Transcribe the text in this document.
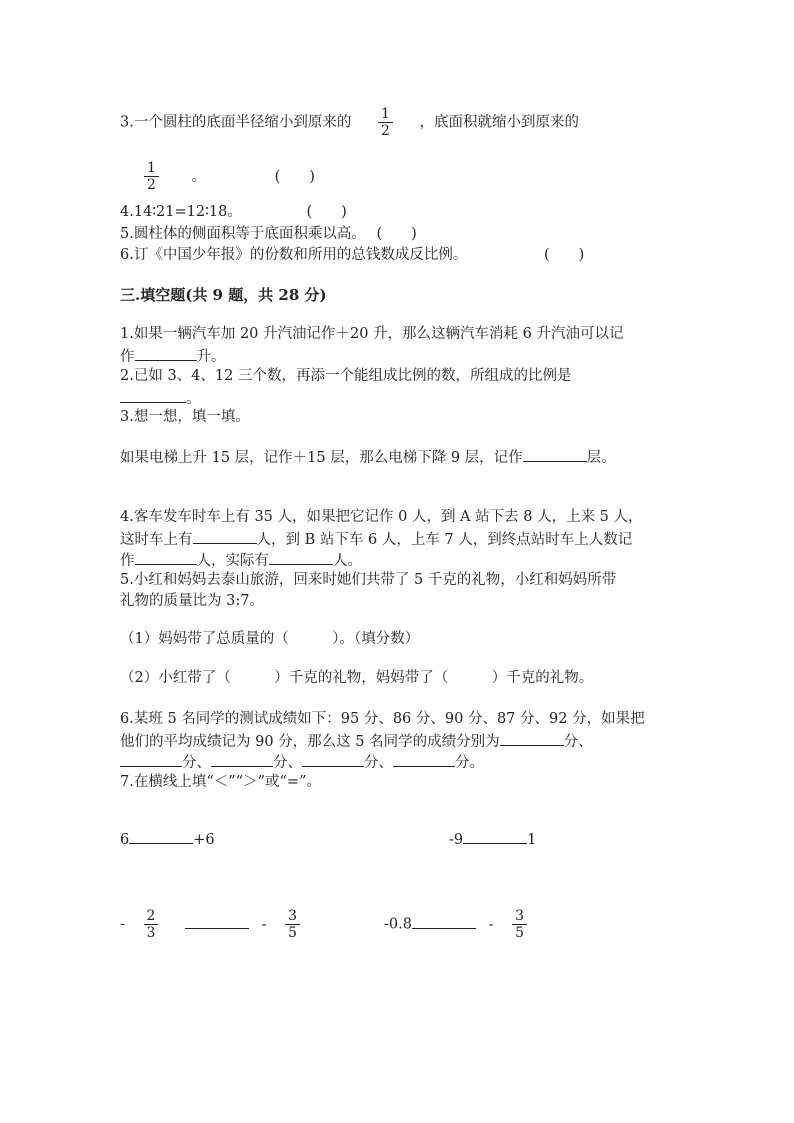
3.一个圆柱的底面半径缩小到原来的 $\frac{1}{2}$ ，底面积就缩小到原来的
$\frac{1}{2}$ 。	(　　)
4.14∶21=12∶18。	(　　)
5.圆柱体的侧面积等于底面积乘以高。 (　　)
6.订《中国少年报》的份数和所用的总钱数成反比例。	(　　)
三.填空题(共 9 题，共 28 分)
1.如果一辆汽车加 20 升汽油记作＋20 升，那么这辆汽车消耗 6 升汽油可以记
作	升。
2.已如 3、4、12 三个数，再添一个能组成比例的数，所组成的比例是
。
3.想一想，填一填。
如果电梯上升 15 层，记作＋15 层，那么电梯下降 9 层，记作	层。
4.客车发车时车上有 35 人，如果把它记作 0 人，到 A 站下去 8 人，上来 5 人，
这时车上有	人，到 B 站下车 6 人，上车 7 人，到终点站时车上人数记
作	人，实际有	人。
5.小红和妈妈去泰山旅游，回来时她们共带了 5 千克的礼物，小红和妈妈所带
礼物的质量比为 3:7。
（1）妈妈带了总质量的（　　　）。（填分数）
（2）小红带了（　　　）千克的礼物，妈妈带了（　　　）千克的礼物。
6.某班 5 名同学的测试成绩如下：95 分、86 分、90 分、87 分、92 分，如果把
他们的平均成绩记为 90 分，那么这 5 名同学的成绩分别为	分、
分、	分、	分、	分。
7.在横线上填“＜”“＞”或“=”。
6	+6	-9	1
- $\frac{2}{3}$	- $\frac{3}{5}$	-0.8	- $\frac{3}{5}$
